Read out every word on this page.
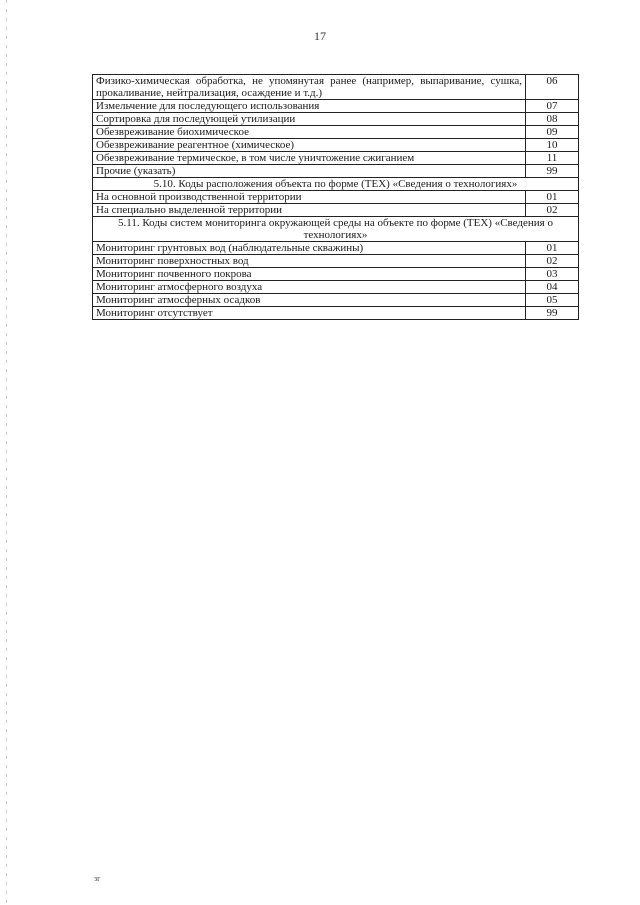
17
Физико-химическая обработка, не упомянутая ранее (например, выпаривание, сушка, прокаливание, нейтрализация, осаждение и т.д.)	06
Измельчение для последующего использования	07
Сортировка для последующей утилизации	08
Обезвреживание биохимическое	09
Обезвреживание реагентное (химическое)	10
Обезвреживание термическое, в том числе уничтожение сжиганием	11
Прочие (указать)	99
5.10. Коды расположения объекта по форме (ТЕХ) «Сведения о технологиях»	
На основной производственной территории	01
На специально выделенной территории	02
5.11. Коды систем мониторинга окружающей среды на объекте по форме (ТЕХ) «Сведения о технологиях»	
Мониторинг грунтовых вод (наблюдательные скважины)	01
Мониторинг поверхностных вод	02
Мониторинг почвенного покрова	03
Мониторинг атмосферного воздуха	04
Мониторинг атмосферных осадков	05
Мониторинг отсутствует	99
зг
